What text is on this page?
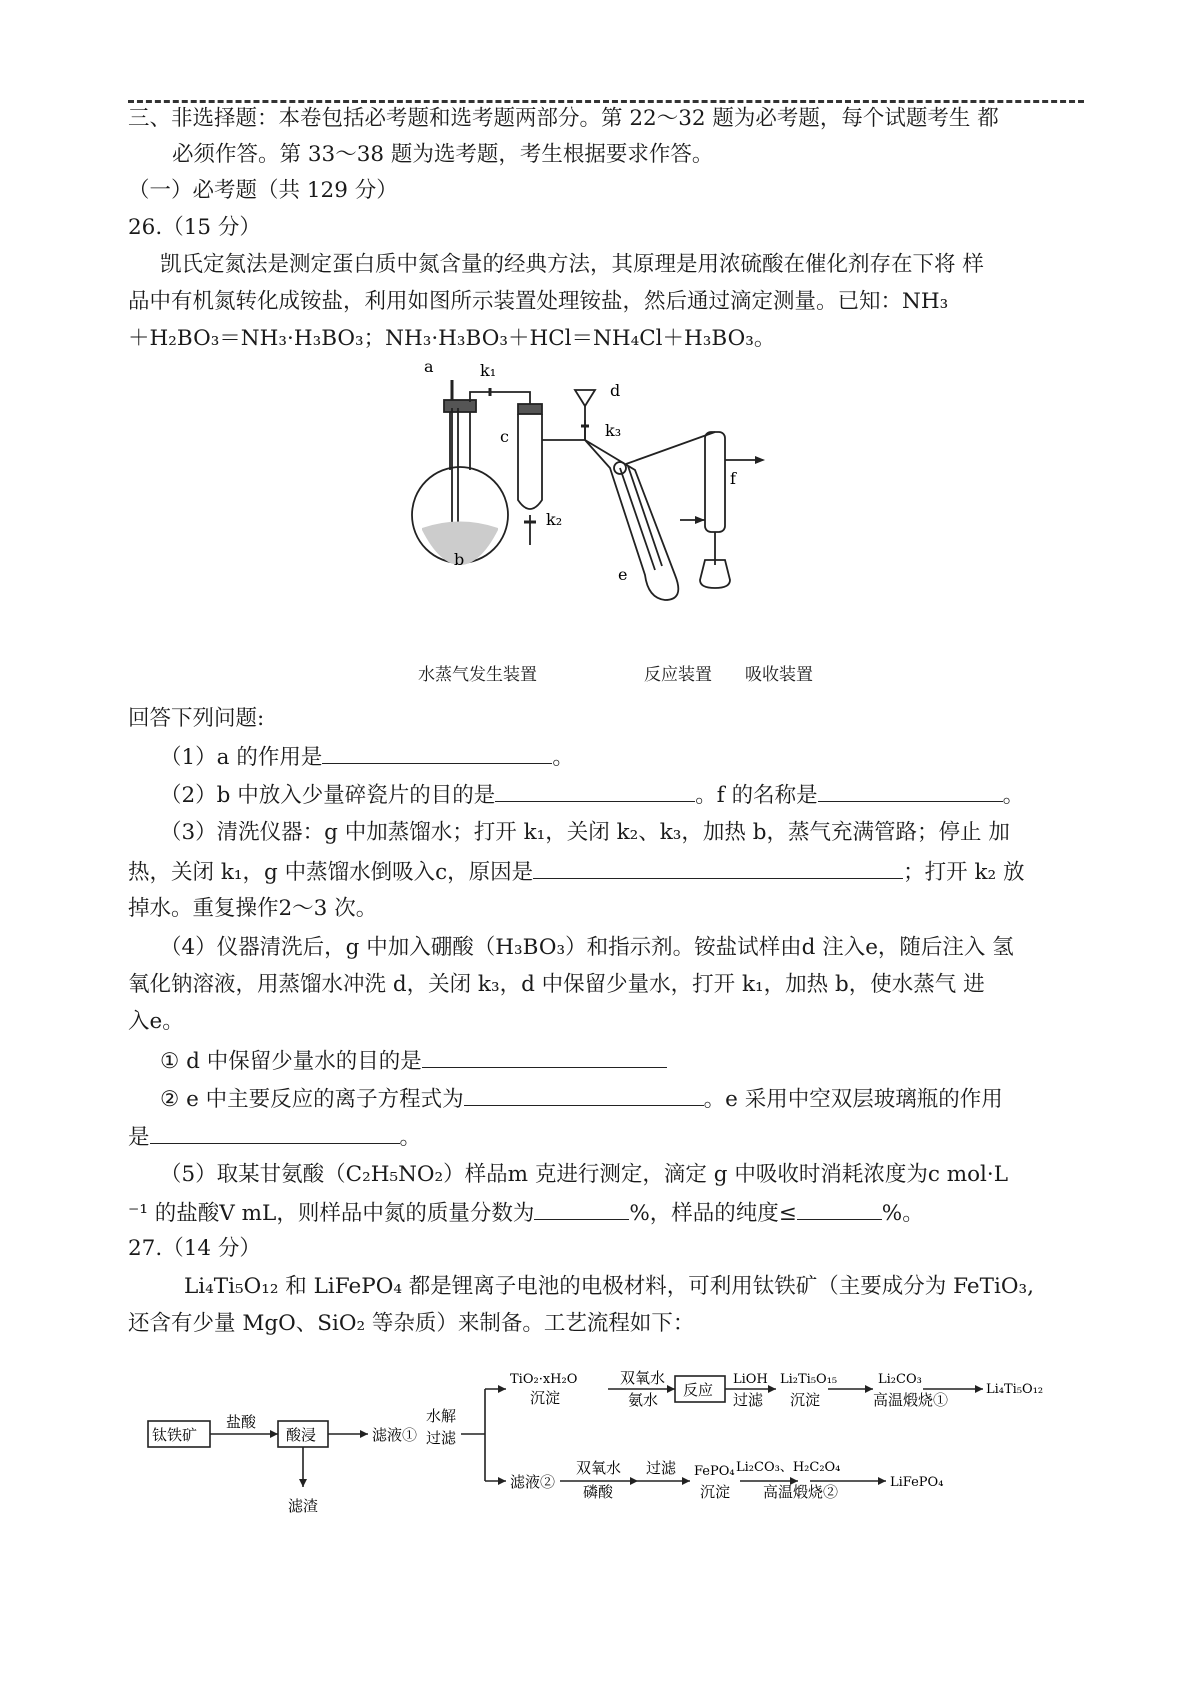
三、非选择题：本卷包括必考题和选考题两部分。第 22～32 题为必考题，每个试题考生 都
必须作答。第 33～38 题为选考题，考生根据要求作答。
（一）必考题（共 129 分）
26.（15 分）
凯氏定氮法是测定蛋白质中氮含量的经典方法，其原理是用浓硫酸在催化剂存在下将 样
品中有机氮转化成铵盐，利用如图所示装置处理铵盐，然后通过滴定测量。已知：NH₃
＋H₂BO₃＝NH₃·H₃BO₃；NH₃·H₃BO₃＋HCl＝NH₄Cl＋H₃BO₃。
a	k₁
b
c
k₂
d
k₃
e
f
水蒸气发生装置	反应装置 吸收装置
回答下列问题:
（1）a 的作用是	。
（2）b 中放入少量碎瓷片的目的是	。f 的名称是	。
（3）清洗仪器：g 中加蒸馏水；打开 k₁，关闭 k₂、k₃，加热 b，蒸气充满管路；停止 加
热，关闭 k₁，g 中蒸馏水倒吸入c，原因是	；打开 k₂ 放
掉水。重复操作2～3 次。
（4）仪器清洗后，g 中加入硼酸（H₃BO₃）和指示剂。铵盐试样由d 注入e，随后注入 氢
氧化钠溶液，用蒸馏水冲洗 d，关闭 k₃，d 中保留少量水，打开 k₁，加热 b，使水蒸气 进
入e。
① d 中保留少量水的目的是
② e 中主要反应的离子方程式为	。e 采用中空双层玻璃瓶的作用
是	。
（5）取某甘氨酸（C₂H₅NO₂）样品m 克进行测定，滴定 g 中吸收时消耗浓度为c mol·L
⁻¹ 的盐酸V mL，则样品中氮的质量分数为	%，样品的纯度≤	%。
27.（14 分）
Li₄Ti₅O₁₂ 和 LiFePO₄ 都是锂离子电池的电极材料，可利用钛铁矿（主要成分为 FeTiO₃,
还含有少量 MgO、SiO₂ 等杂质）来制备。工艺流程如下：
钛铁矿
盐酸
酸浸
滤渣
滤液①
水解
过滤
TiO₂·xH₂O
沉淀
双氧水
氨水
反应
LiOH
过滤
Li₂Ti₅O₁₅
沉淀
Li₂CO₃
高温煅烧①
Li₄Ti₅O₁₂
滤液②
双氧水
磷酸
过滤 FePO₄
沉淀
Li₂CO₃、H₂C₂O₄
高温煅烧②
LiFePO₄
